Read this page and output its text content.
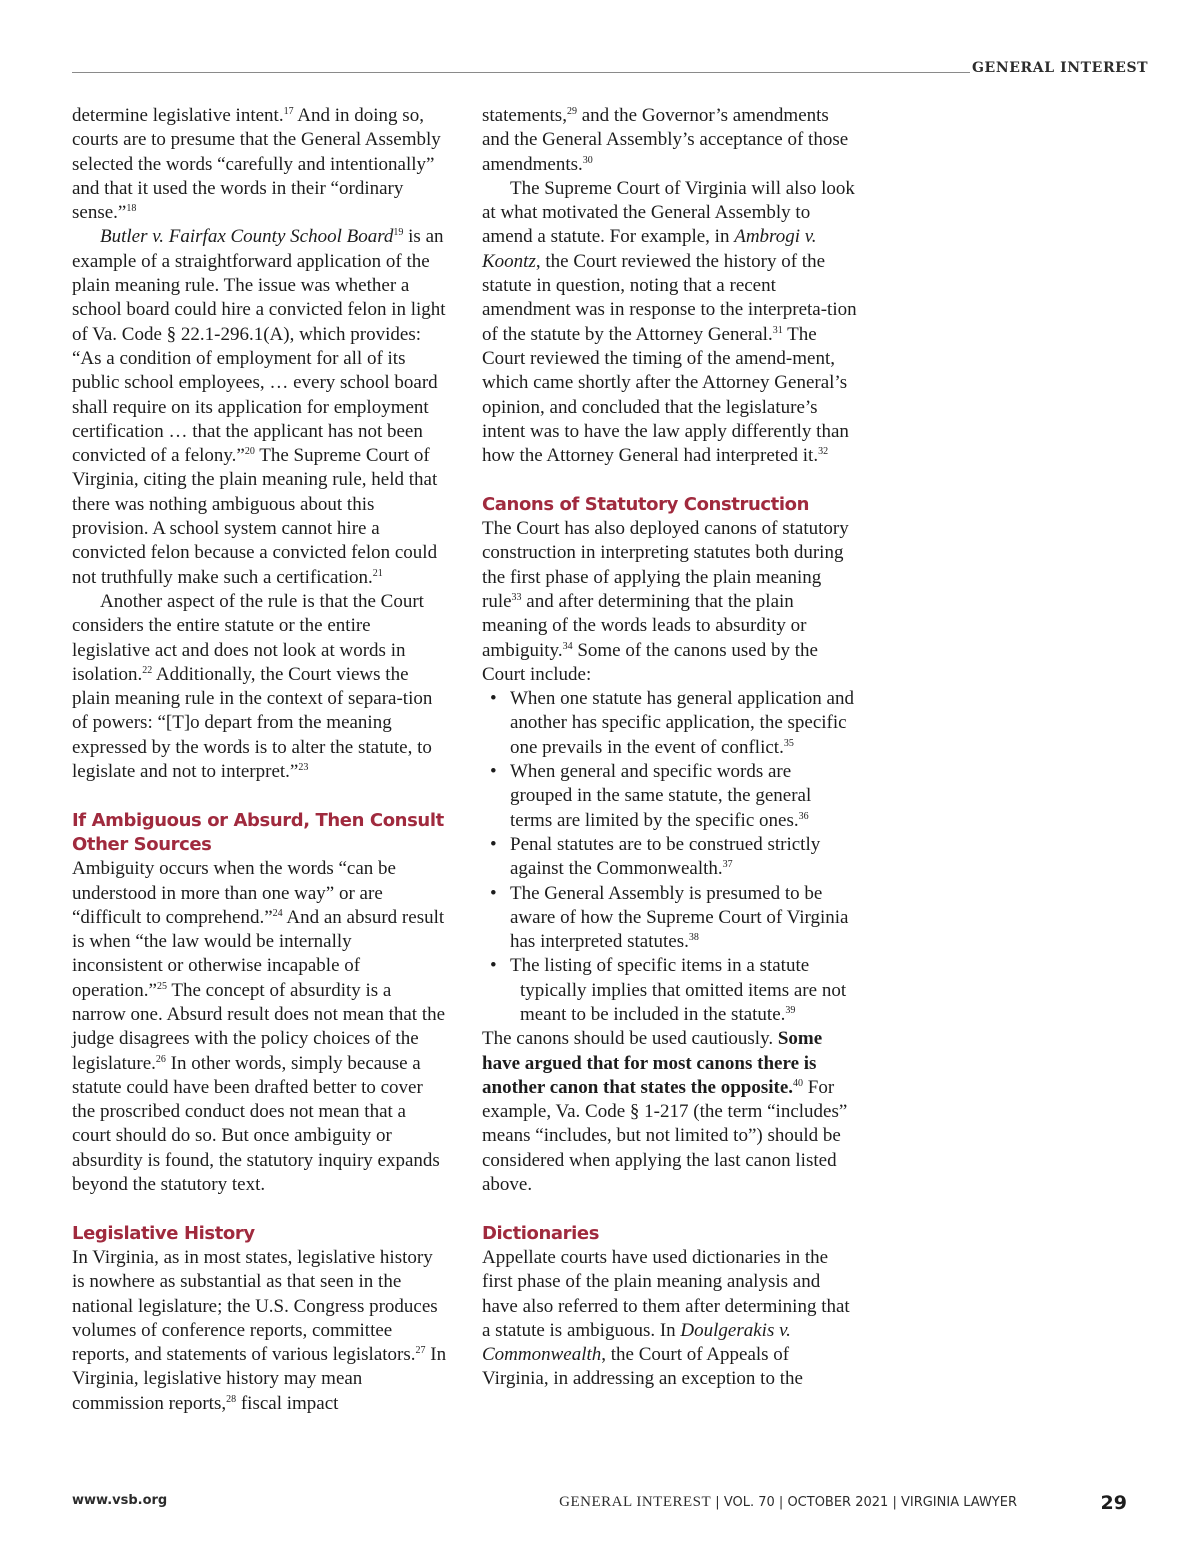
GENERAL INTEREST

determine legislative intent.$^{17}$ And in doing so, courts are to presume that the General Assembly selected the words “carefully and intentionally” and that it used the words in their “ordinary sense.”$^{18}$

Butler v. Fairfax County School Board$^{19}$ is an example of a straightforward application of the plain meaning rule. The issue was whether a school board could hire a convicted felon in light of Va. Code § 22.1-296.1(A), which provides: “As a condition of employment for all of its public school employees, … every school board shall require on its application for employment certification … that the applicant has not been convicted of a felony.”$^{20}$ The Supreme Court of Virginia, citing the plain meaning rule, held that there was nothing ambiguous about this provision. A school system cannot hire a convicted felon because a convicted felon could not truthfully make such a certification.$^{21}$

Another aspect of the rule is that the Court considers the entire statute or the entire legislative act and does not look at words in isolation.$^{22}$ Additionally, the Court views the plain meaning rule in the context of separa-tion of powers: “[T]o depart from the meaning expressed by the words is to alter the statute, to legislate and not to interpret.”$^{23}$

If Ambiguous or Absurd, Then Consult Other Sources

Ambiguity occurs when the words “can be understood in more than one way” or are “difficult to comprehend.”$^{24}$ And an absurd result is when “the law would be internally inconsistent or otherwise incapable of operation.”$^{25}$ The concept of absurdity is a narrow one. Absurd result does not mean that the judge disagrees with the policy choices of the legislature.$^{26}$ In other words, simply because a statute could have been drafted better to cover the proscribed conduct does not mean that a court should do so. But once ambiguity or absurdity is found, the statutory inquiry expands beyond the statutory text.

Legislative History

In Virginia, as in most states, legislative history is nowhere as substantial as that seen in the national legislature; the U.S. Congress produces volumes of conference reports, committee reports, and statements of various legislators.$^{27}$ In Virginia, legislative history may mean commission reports,$^{28}$ fiscal impact

statements,$^{29}$ and the Governor’s amendments and the General Assembly’s acceptance of those amendments.$^{30}$

The Supreme Court of Virginia will also look at what motivated the General Assembly to amend a statute. For example, in Ambrogi v. Koontz, the Court reviewed the history of the statute in question, noting that a recent amendment was in response to the interpreta-tion of the statute by the Attorney General.$^{31}$ The Court reviewed the timing of the amend-ment, which came shortly after the Attorney General’s opinion, and concluded that the legislature’s intent was to have the law apply differently than how the Attorney General had interpreted it.$^{32}$

Canons of Statutory Construction

The Court has also deployed canons of statutory construction in interpreting statutes both during the first phase of applying the plain meaning rule$^{33}$ and after determining that the plain meaning of the words leads to absurdity or ambiguity.$^{34}$ Some of the canons used by the Court include:

• When one statute has general application and another has specific application, the specific one prevails in the event of conflict.$^{35}$
• When general and specific words are grouped in the same statute, the general terms are limited by the specific ones.$^{36}$
• Penal statutes are to be construed strictly against the Commonwealth.$^{37}$
• The General Assembly is presumed to be aware of how the Supreme Court of Virginia has interpreted statutes.$^{38}$
• The listing of specific items in a statute
typically implies that omitted items are not meant to be included in the statute.$^{39}$

The canons should be used cautiously. Some have argued that for most canons there is another canon that states the opposite.$^{40}$ For example, Va. Code § 1-217 (the term “includes” means “includes, but not limited to”) should be considered when applying the last canon listed above.

Dictionaries

Appellate courts have used dictionaries in the first phase of the plain meaning analysis and have also referred to them after determining that a statute is ambiguous. In Doulgerakis v. Commonwealth, the Court of Appeals of Virginia, in addressing an exception to the

www.vsb.org	GENERAL INTEREST | VOL. 70 | OCTOBER 2021 | VIRGINIA LAWYER	29
